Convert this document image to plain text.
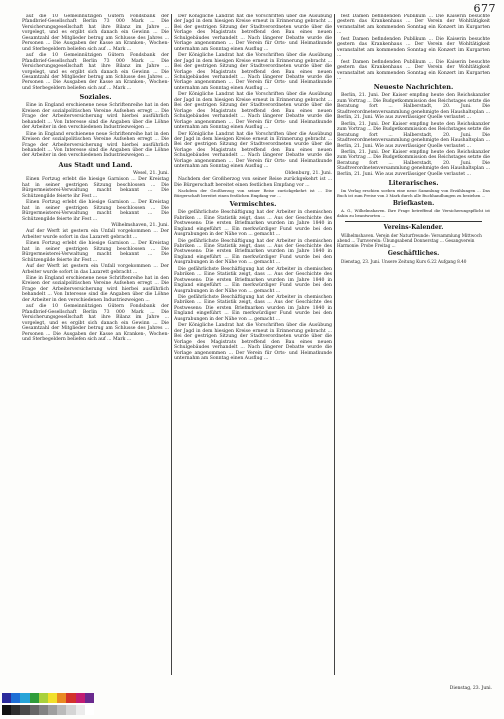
677

auf die 10 Gemeinnützigen Gütern Fondsbank der Pfandbrief-Gesellschaft Berlin 73 000 Mark ... Die Versicherungsgesellschaft hat ihre Bilanz im Jahre ... vorgelegt, und es ergibt sich danach ein Gewinn ... Die Gesamtzahl der Mitglieder betrug am Schlusse des Jahres ... Personen ... Die Ausgaben der Kasse an Kranken-, Wochen- und Sterbegeldern beliefen sich auf ... Mark ...

auf die 10 Gemeinnützigen Gütern Fondsbank der Pfandbrief-Gesellschaft Berlin 73 000 Mark ... Die Versicherungsgesellschaft hat ihre Bilanz im Jahre ... vorgelegt, und es ergibt sich danach ein Gewinn ... Die Gesamtzahl der Mitglieder betrug am Schlusse des Jahres ... Personen ... Die Ausgaben der Kasse an Kranken-, Wochen- und Sterbegeldern beliefen sich auf ... Mark ...

Soziales.

Eine in England erschienene neue Schriftenreihe hat in den Kreisen der sozialpolitischen Vereine Aufsehen erregt ... Die Frage der Arbeiterversicherung wird hierbei ausführlich behandelt ... Von Interesse sind die Angaben über die Löhne der Arbeiter in den verschiedenen Industriezweigen ...

Eine in England erschienene neue Schriftenreihe hat in den Kreisen der sozialpolitischen Vereine Aufsehen erregt ... Die Frage der Arbeiterversicherung wird hierbei ausführlich behandelt ... Von Interesse sind die Angaben über die Löhne der Arbeiter in den verschiedenen Industriezweigen ...

Aus Stadt und Land.
Wesel, 21. Juni.

Einen Fortzug erlebt die hiesige Garnison ... Der Kreistag hat in seiner gestrigen Sitzung beschlossen ... Die Bürgermeisterei-Verwaltung macht bekannt ... Die Schützengilde feierte ihr Fest ...

Einen Fortzug erlebt die hiesige Garnison ... Der Kreistag hat in seiner gestrigen Sitzung beschlossen ... Die Bürgermeisterei-Verwaltung macht bekannt ... Die Schützengilde feierte ihr Fest ...

Wilhelmshaven, 21. Juni.

Auf der Werft ist gestern ein Unfall vorgekommen ... Der Arbeiter wurde sofort in das Lazarett gebracht ...

Einen Fortzug erlebt die hiesige Garnison ... Der Kreistag hat in seiner gestrigen Sitzung beschlossen ... Die Bürgermeisterei-Verwaltung macht bekannt ... Die Schützengilde feierte ihr Fest ...

Auf der Werft ist gestern ein Unfall vorgekommen ... Der Arbeiter wurde sofort in das Lazarett gebracht ...

Eine in England erschienene neue Schriftenreihe hat in den Kreisen der sozialpolitischen Vereine Aufsehen erregt ... Die Frage der Arbeiterversicherung wird hierbei ausführlich behandelt ... Von Interesse sind die Angaben über die Löhne der Arbeiter in den verschiedenen Industriezweigen ...

auf die 10 Gemeinnützigen Gütern Fondsbank der Pfandbrief-Gesellschaft Berlin 73 000 Mark ... Die Versicherungsgesellschaft hat ihre Bilanz im Jahre ... vorgelegt, und es ergibt sich danach ein Gewinn ... Die Gesamtzahl der Mitglieder betrug am Schlusse des Jahres ... Personen ... Die Ausgaben der Kasse an Kranken-, Wochen- und Sterbegeldern beliefen sich auf ... Mark ...

Der Königliche Landrat hat die Vorschriften über die Ausübung der Jagd in dem hiesigen Kreise erneut in Erinnerung gebracht ... Bei der gestrigen Sitzung der Stadtverordneten wurde über die Vorlage des Magistrats betreffend den Bau eines neuen Schulgebäudes verhandelt ... Nach längerer Debatte wurde die Vorlage angenommen ... Der Verein für Orts- und Heimatkunde unternahm am Sonntag einen Ausflug ...

Der Königliche Landrat hat die Vorschriften über die Ausübung der Jagd in dem hiesigen Kreise erneut in Erinnerung gebracht ... Bei der gestrigen Sitzung der Stadtverordneten wurde über die Vorlage des Magistrats betreffend den Bau eines neuen Schulgebäudes verhandelt ... Nach längerer Debatte wurde die Vorlage angenommen ... Der Verein für Orts- und Heimatkunde unternahm am Sonntag einen Ausflug ...

Der Königliche Landrat hat die Vorschriften über die Ausübung der Jagd in dem hiesigen Kreise erneut in Erinnerung gebracht ... Bei der gestrigen Sitzung der Stadtverordneten wurde über die Vorlage des Magistrats betreffend den Bau eines neuen Schulgebäudes verhandelt ... Nach längerer Debatte wurde die Vorlage angenommen ... Der Verein für Orts- und Heimatkunde unternahm am Sonntag einen Ausflug ...

Der Königliche Landrat hat die Vorschriften über die Ausübung der Jagd in dem hiesigen Kreise erneut in Erinnerung gebracht ... Bei der gestrigen Sitzung der Stadtverordneten wurde über die Vorlage des Magistrats betreffend den Bau eines neuen Schulgebäudes verhandelt ... Nach längerer Debatte wurde die Vorlage angenommen ... Der Verein für Orts- und Heimatkunde unternahm am Sonntag einen Ausflug ...

Oldenburg, 21. Juni.

Nachdem der Großherzog von seiner Reise zurückgekehrt ist ... Die Bürgerschaft bereitet einen festlichen Empfang vor ...

Nachdem der Großherzog von seiner Reise zurückgekehrt ist ... Die Bürgerschaft bereitet einen festlichen Empfang vor ...

Vermischtes.

Die gefährlichste Beschäftigung hat der Arbeiter in chemischen Fabriken ... Eine Statistik zeigt, dass ... Aus der Geschichte des Postwesens: Die ersten Briefmarken wurden im Jahre 1840 in England eingeführt ... Ein merkwürdiger Fund wurde bei den Ausgrabungen in der Nähe von ... gemacht ...

Die gefährlichste Beschäftigung hat der Arbeiter in chemischen Fabriken ... Eine Statistik zeigt, dass ... Aus der Geschichte des Postwesens: Die ersten Briefmarken wurden im Jahre 1840 in England eingeführt ... Ein merkwürdiger Fund wurde bei den Ausgrabungen in der Nähe von ... gemacht ...

Die gefährlichste Beschäftigung hat der Arbeiter in chemischen Fabriken ... Eine Statistik zeigt, dass ... Aus der Geschichte des Postwesens: Die ersten Briefmarken wurden im Jahre 1840 in England eingeführt ... Ein merkwürdiger Fund wurde bei den Ausgrabungen in der Nähe von ... gemacht ...

Die gefährlichste Beschäftigung hat der Arbeiter in chemischen Fabriken ... Eine Statistik zeigt, dass ... Aus der Geschichte des Postwesens: Die ersten Briefmarken wurden im Jahre 1840 in England eingeführt ... Ein merkwürdiger Fund wurde bei den Ausgrabungen in der Nähe von ... gemacht ...

Der Königliche Landrat hat die Vorschriften über die Ausübung der Jagd in dem hiesigen Kreise erneut in Erinnerung gebracht ... Bei der gestrigen Sitzung der Stadtverordneten wurde über die Vorlage des Magistrats betreffend den Bau eines neuen Schulgebäudes verhandelt ... Nach längerer Debatte wurde die Vorlage angenommen ... Der Verein für Orts- und Heimatkunde unternahm am Sonntag einen Ausflug ...

fest Damen befindenden Publikum ... Die Kaiserin besuchte gestern das Krankenhaus ... Der Verein der Wohltätigkeit veranstaltet am kommenden Sonntag ein Konzert im Kurgarten ...

fest Damen befindenden Publikum ... Die Kaiserin besuchte gestern das Krankenhaus ... Der Verein der Wohltätigkeit veranstaltet am kommenden Sonntag ein Konzert im Kurgarten ...

fest Damen befindenden Publikum ... Die Kaiserin besuchte gestern das Krankenhaus ... Der Verein der Wohltätigkeit veranstaltet am kommenden Sonntag ein Konzert im Kurgarten ...

Neueste Nachrichten.

Berlin, 21. Juni. Der Kaiser empfing heute den Reichskanzler zum Vortrag ... Die Budgetkommission des Reichstages setzte die Beratung fort ... Halberstadt, 20. Juni. Die Stadtverordnetenversammlung genehmigte den Haushaltsplan ... Berlin, 21. Juni. Wie aus zuverlässiger Quelle verlautet ...

Berlin, 21. Juni. Der Kaiser empfing heute den Reichskanzler zum Vortrag ... Die Budgetkommission des Reichstages setzte die Beratung fort ... Halberstadt, 20. Juni. Die Stadtverordnetenversammlung genehmigte den Haushaltsplan ... Berlin, 21. Juni. Wie aus zuverlässiger Quelle verlautet ...

Berlin, 21. Juni. Der Kaiser empfing heute den Reichskanzler zum Vortrag ... Die Budgetkommission des Reichstages setzte die Beratung fort ... Halberstadt, 20. Juni. Die Stadtverordnetenversammlung genehmigte den Haushaltsplan ... Berlin, 21. Juni. Wie aus zuverlässiger Quelle verlautet ...

Literarisches.

Im Verlag erschien soeben eine neue Sammlung von Erzählungen ... Das Buch ist zum Preise von 3 Mark durch alle Buchhandlungen zu beziehen ...

Briefkasten.

A. G., Wilhelmshaven. Ihre Frage betreffend die Versicherungspflicht ist dahin zu beantworten ...

Vereins-Kalender.

Wilhelmshaven. Verein der Naturfreunde: Versammlung Mittwoch abend ... Turnverein: Übungsabend Donnerstag ... Gesangverein Harmonie: Probe Freitag ...

Geschäftliches.

Dienstag, 23. Juni. Unsere Zeitung Kurs 6.22 Aufgang 8.40

Dienstag, 23. Juni.
